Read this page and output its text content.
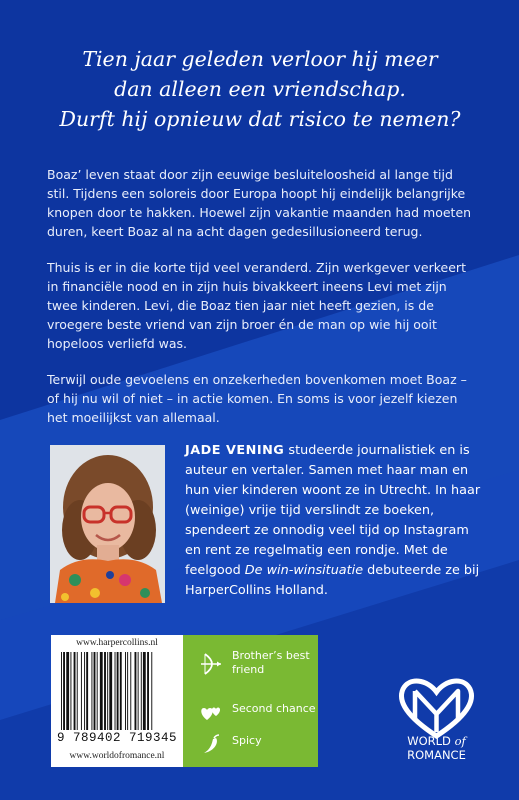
Tien jaar geleden verloor hij meer
dan alleen een vriendschap.
Durft hij opnieuw dat risico te nemen?

Boaz’ leven staat door zijn eeuwige besluiteloosheid al lange tijd stil. Tijdens een soloreis door Europa hoopt hij eindelijk belangrijke knopen door te hakken. Hoewel zijn vakantie maanden had moeten duren, keert Boaz al na acht dagen gedesillusioneerd terug.

Thuis is er in die korte tijd veel veranderd. Zijn werkgever verkeert in financiële nood en in zijn huis bivakkeert ineens Levi met zijn twee kinderen. Levi, die Boaz tien jaar niet heeft gezien, is de vroegere beste vriend van zijn broer én de man op wie hij ooit hopeloos verliefd was.

Terwijl oude gevoelens en onzekerheden bovenkomen moet Boaz – of hij nu wil of niet – in actie komen. En soms is voor jezelf kiezen het moeilijkst van allemaal.

JADE VENING studeerde journalistiek en is auteur en vertaler. Samen met haar man en hun vier kinderen woont ze in Utrecht. In haar (weinige) vrije tijd verslindt ze boeken, spendeert ze onnodig veel tijd op Instagram en rent ze regelmatig een rondje. Met de feelgood De win-winsituatie debuteerde ze bij HarperCollins Holland.
www.harpercollins.nl
9 789402 719345
www.worldofromance.nl
Brother’s best friend
Second chance
Spicy	WORLD of
ROMANCE
